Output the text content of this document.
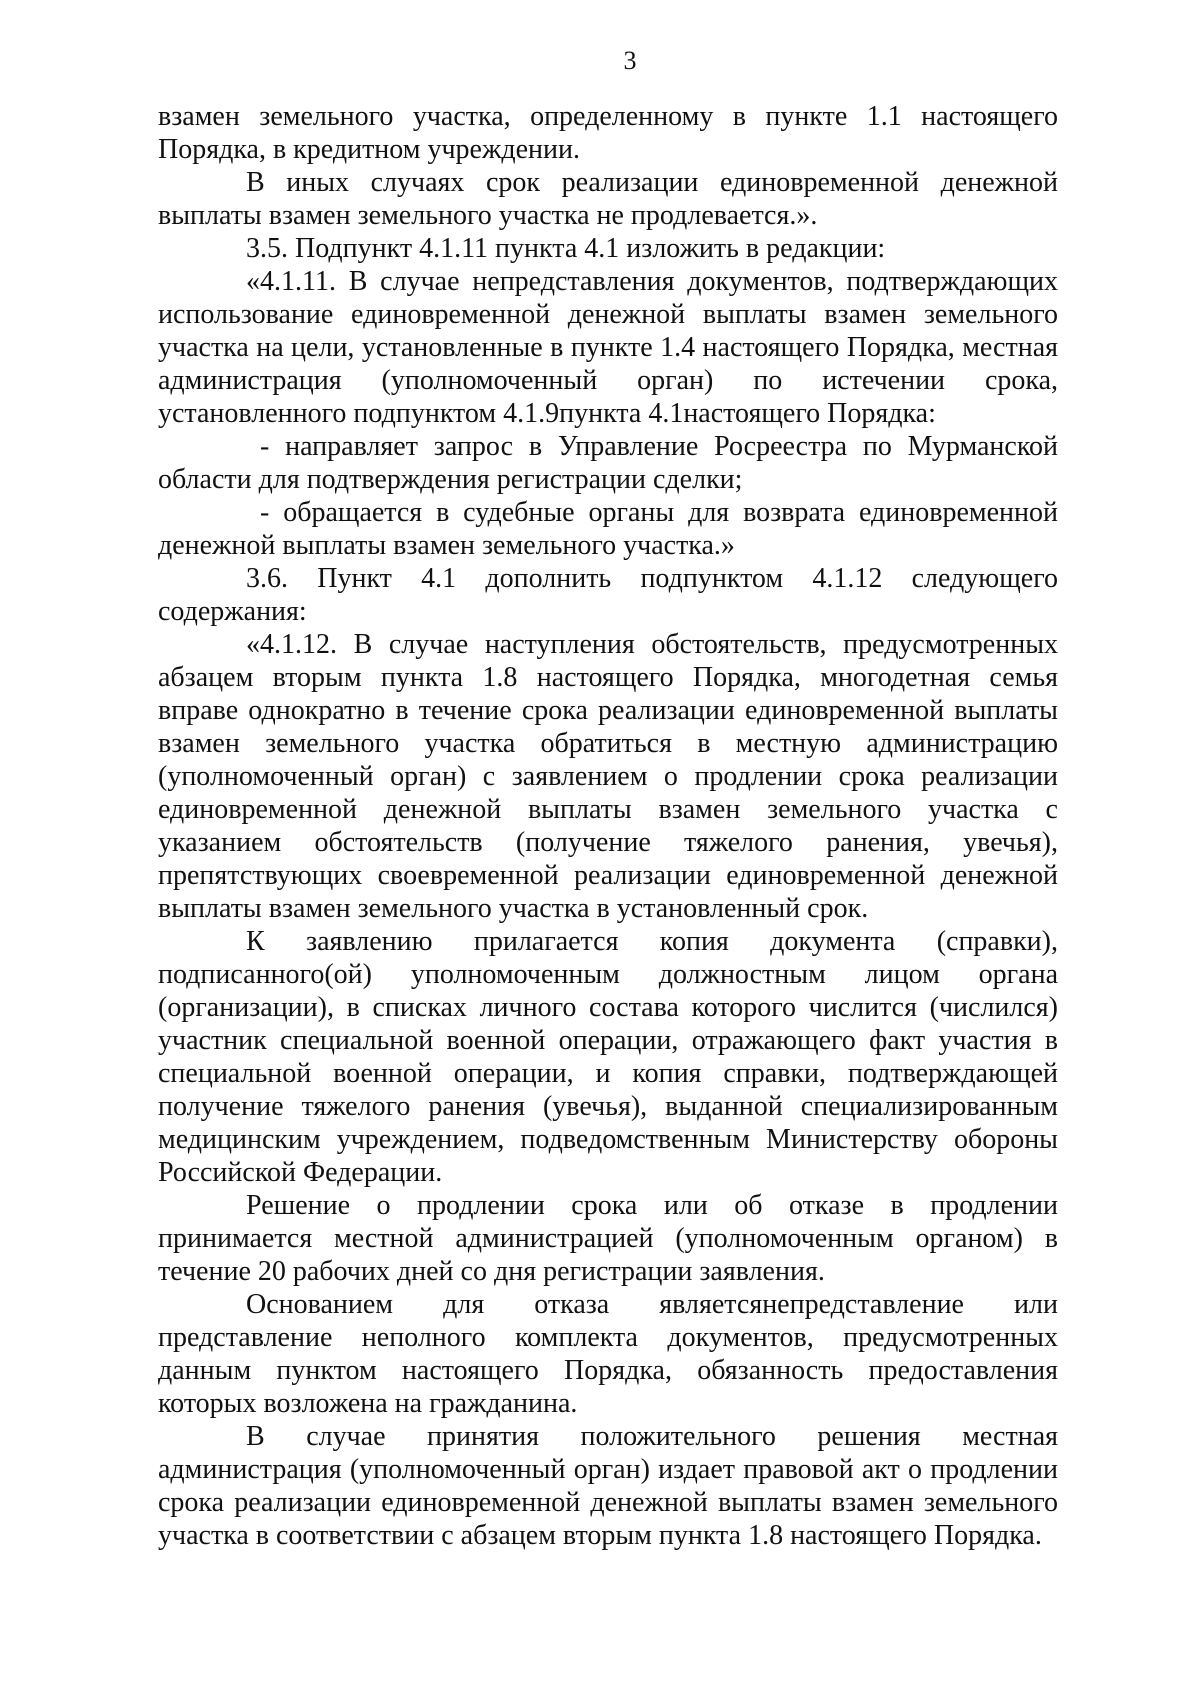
3

взамен земельного участка, определенному в пункте 1.1 настоящего Порядка, в кредитном учреждении.

В иных случаях срок реализации единовременной денежной выплаты взамен земельного участка не продлевается.».

3.5. Подпункт 4.1.11 пункта 4.1 изложить в редакции:

«4.1.11. В случае непредставления документов, подтверждающих использование единовременной денежной выплаты взамен земельного участка на цели, установленные в пункте 1.4 настоящего Порядка, местная администрация (уполномоченный орган) по истечении срока, установленного подпунктом 4.1.9пункта 4.1настоящего Порядка:

- направляет запрос в Управление Росреестра по Мурманской области для подтверждения регистрации сделки;

- обращается в судебные органы для возврата единовременной денежной выплаты взамен земельного участка.»

3.6. Пункт 4.1 дополнить подпунктом 4.1.12 следующего содержания:

«4.1.12. В случае наступления обстоятельств, предусмотренных абзацем вторым пункта 1.8 настоящего Порядка, многодетная семья вправе однократно в течение срока реализации единовременной выплаты взамен земельного участка обратиться в местную администрацию (уполномоченный орган) с заявлением о продлении срока реализации единовременной денежной выплаты взамен земельного участка с указанием обстоятельств (получение тяжелого ранения, увечья), препятствующих своевременной реализации единовременной денежной выплаты взамен земельного участка в установленный срок.

К заявлению прилагается копия документа (справки), подписанного(ой) уполномоченным должностным лицом органа (организации), в списках личного состава которого числится (числился) участник специальной военной операции, отражающего факт участия в специальной военной операции, и копия справки, подтверждающей получение тяжелого ранения (увечья), выданной специализированным медицинским учреждением, подведомственным Министерству обороны Российской Федерации.

Решение о продлении срока или об отказе в продлении принимается местной администрацией (уполномоченным органом) в течение 20 рабочих дней со дня регистрации заявления.

Основанием для отказа являетсянепредставление или представление неполного комплекта документов, предусмотренных данным пунктом настоящего Порядка, обязанность предоставления которых возложена на гражданина.

В случае принятия положительного решения местная администрация (уполномоченный орган) издает правовой акт о продлении срока реализации единовременной денежной выплаты взамен земельного участка в соответствии с абзацем вторым пункта 1.8 настоящего Порядка.
